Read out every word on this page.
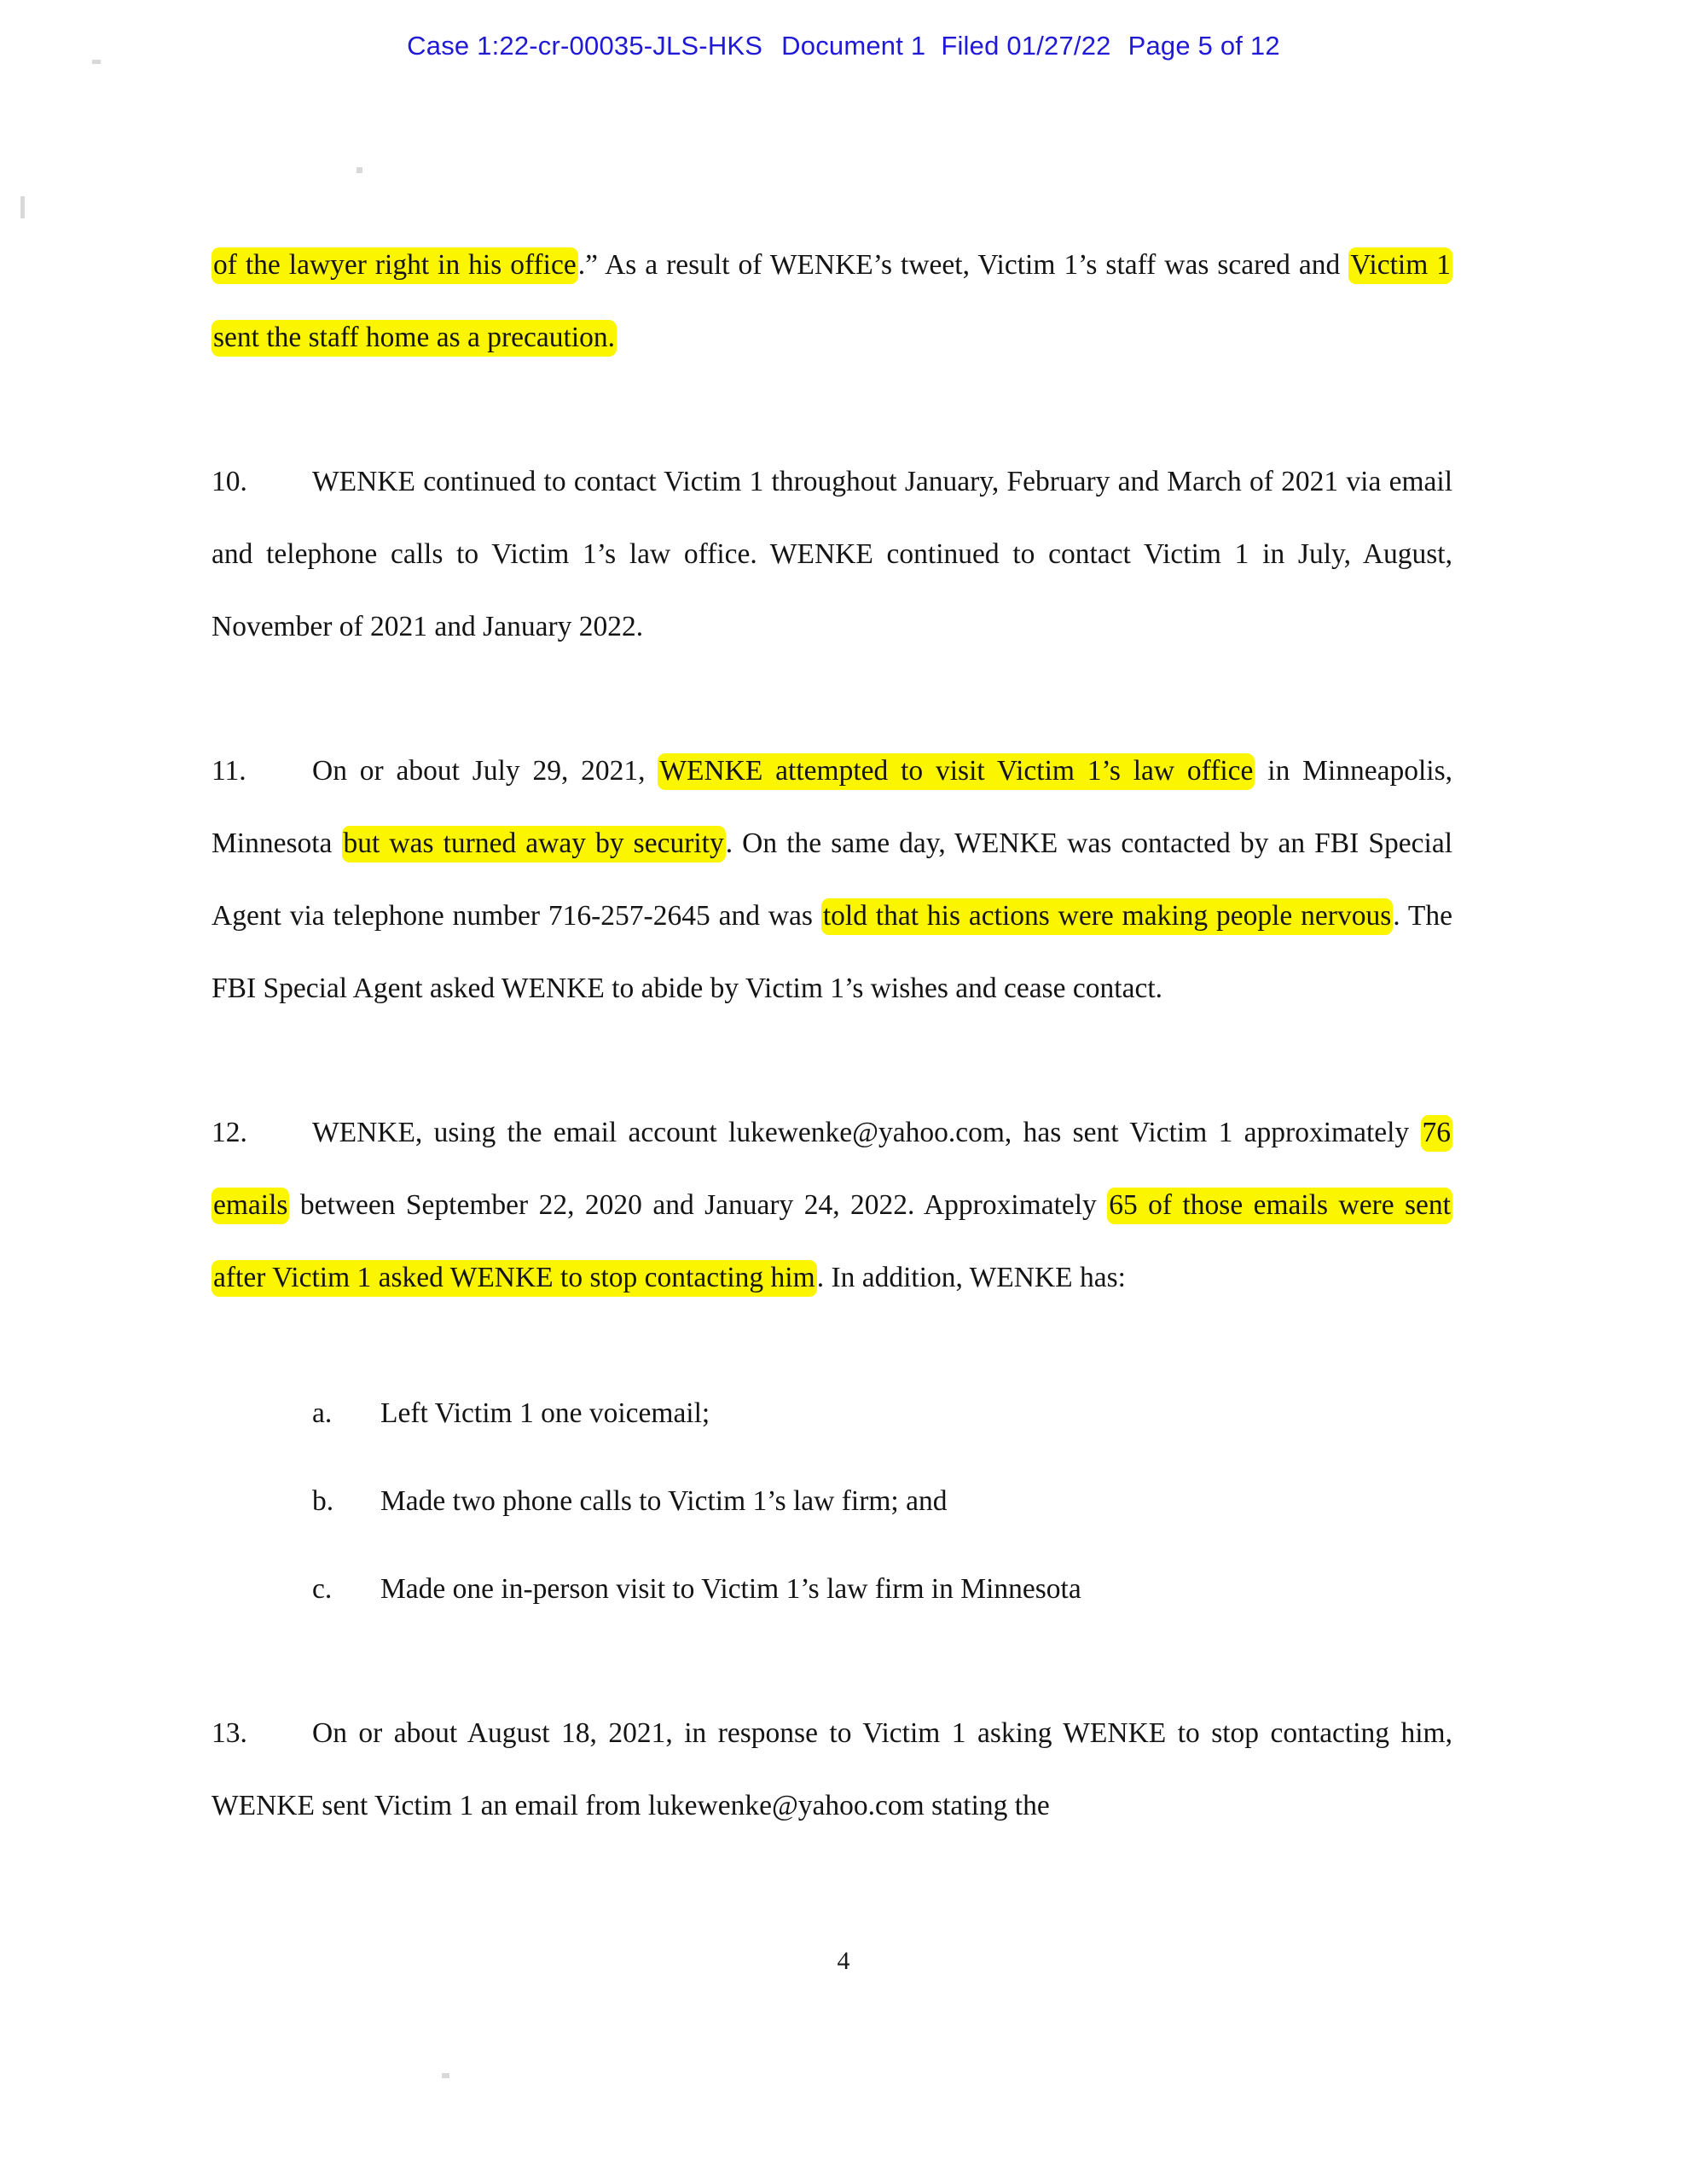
Case 1:22-cr-00035-JLS-HKS Document 1 Filed 01/27/22 Page 5 of 12

of the lawyer right in his office.” As a result of WENKE’s tweet, Victim 1’s staff was scared and Victim 1 sent the staff home as a precaution.

10. WENKE continued to contact Victim 1 throughout January, February and March of 2021 via email and telephone calls to Victim 1’s law office. WENKE continued to contact Victim 1 in July, August, November of 2021 and January 2022.

11. On or about July 29, 2021, WENKE attempted to visit Victim 1’s law office in Minneapolis, Minnesota but was turned away by security. On the same day, WENKE was contacted by an FBI Special Agent via telephone number 716-257-2645 and was told that his actions were making people nervous. The FBI Special Agent asked WENKE to abide by Victim 1’s wishes and cease contact.

12. WENKE, using the email account lukewenke@yahoo.com, has sent Victim 1 approximately 76 emails between September 22, 2020 and January 24, 2022. Approximately 65 of those emails were sent after Victim 1 asked WENKE to stop contacting him. In addition, WENKE has:

a. Left Victim 1 one voicemail;

b. Made two phone calls to Victim 1’s law firm; and

c. Made one in-person visit to Victim 1’s law firm in Minnesota

13. On or about August 18, 2021, in response to Victim 1 asking WENKE to stop contacting him, WENKE sent Victim 1 an email from lukewenke@yahoo.com stating the

4
